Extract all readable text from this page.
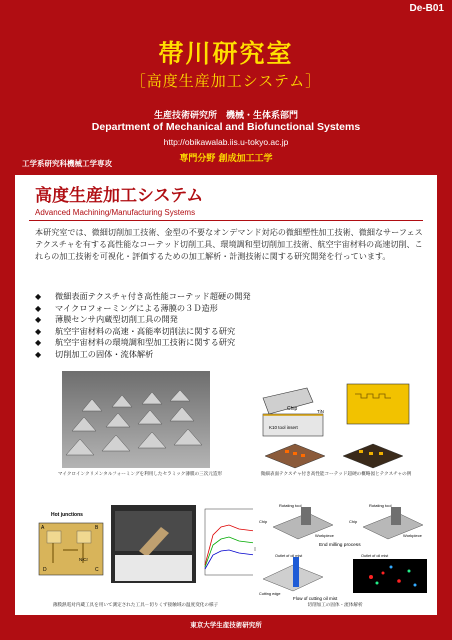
De-B01
帯川研究室
［高度生産加工システム］
生産技術研究所　機械・生体系部門
Department of Mechanical and Biofunctional Systems
http://obikawalab.iis.u-tokyo.ac.jp
専門分野 創成加工工学
工学系研究科機械工学専攻
高度生産加工システム
Advanced Machining/Manufacturing Systems

本研究室では、微細切削加工技術、金型の不要なオンデマンド対応の微細塑性加工技術、微細なサーフェステクスチャを有する高性能なコーテッド切削工具、環境調和型切削加工技術、航空宇宙材料の高速切削、これらの加工技術を可視化・評価するための加工解析・計測技術に関する研究開発を行っています。

◆	微細表面テクスチャ付き高性能コーテッド超硬の開発
◆	マイクロフォーミングによる薄膜の３Ｄ造形
◆	薄膜センサ内蔵型切削工具の開発
◆	航空宇宙材料の高速・高能率切削法に関する研究
◆	航空宇宙材料の環境調和型加工技術に関する研究
◆	切削加工の固体・流体解析
マイクロインクリメンタルフォーミングを利用したセラミック薄膜の三次元造形
Chip	TiN
K10 tool insert
微細表面テクスチャ付き高性能コーテッド超硬の概略図とテクスチャの例
Hot junctions
A	B
D	C
NiCr
薄膜熱電対内蔵工具を用いて測定された工具－切りくず接触域の温度変化の様子
Rotating tool	Rotating tool
Chip	Chip
Workpiece	Workpiece
End milling process
Outlet of oil mist	Outlet of oil mist
Cutting edge
Flow of cutting oil mist
切削加工の固体・流体解析
東京大学生産技術研究所
